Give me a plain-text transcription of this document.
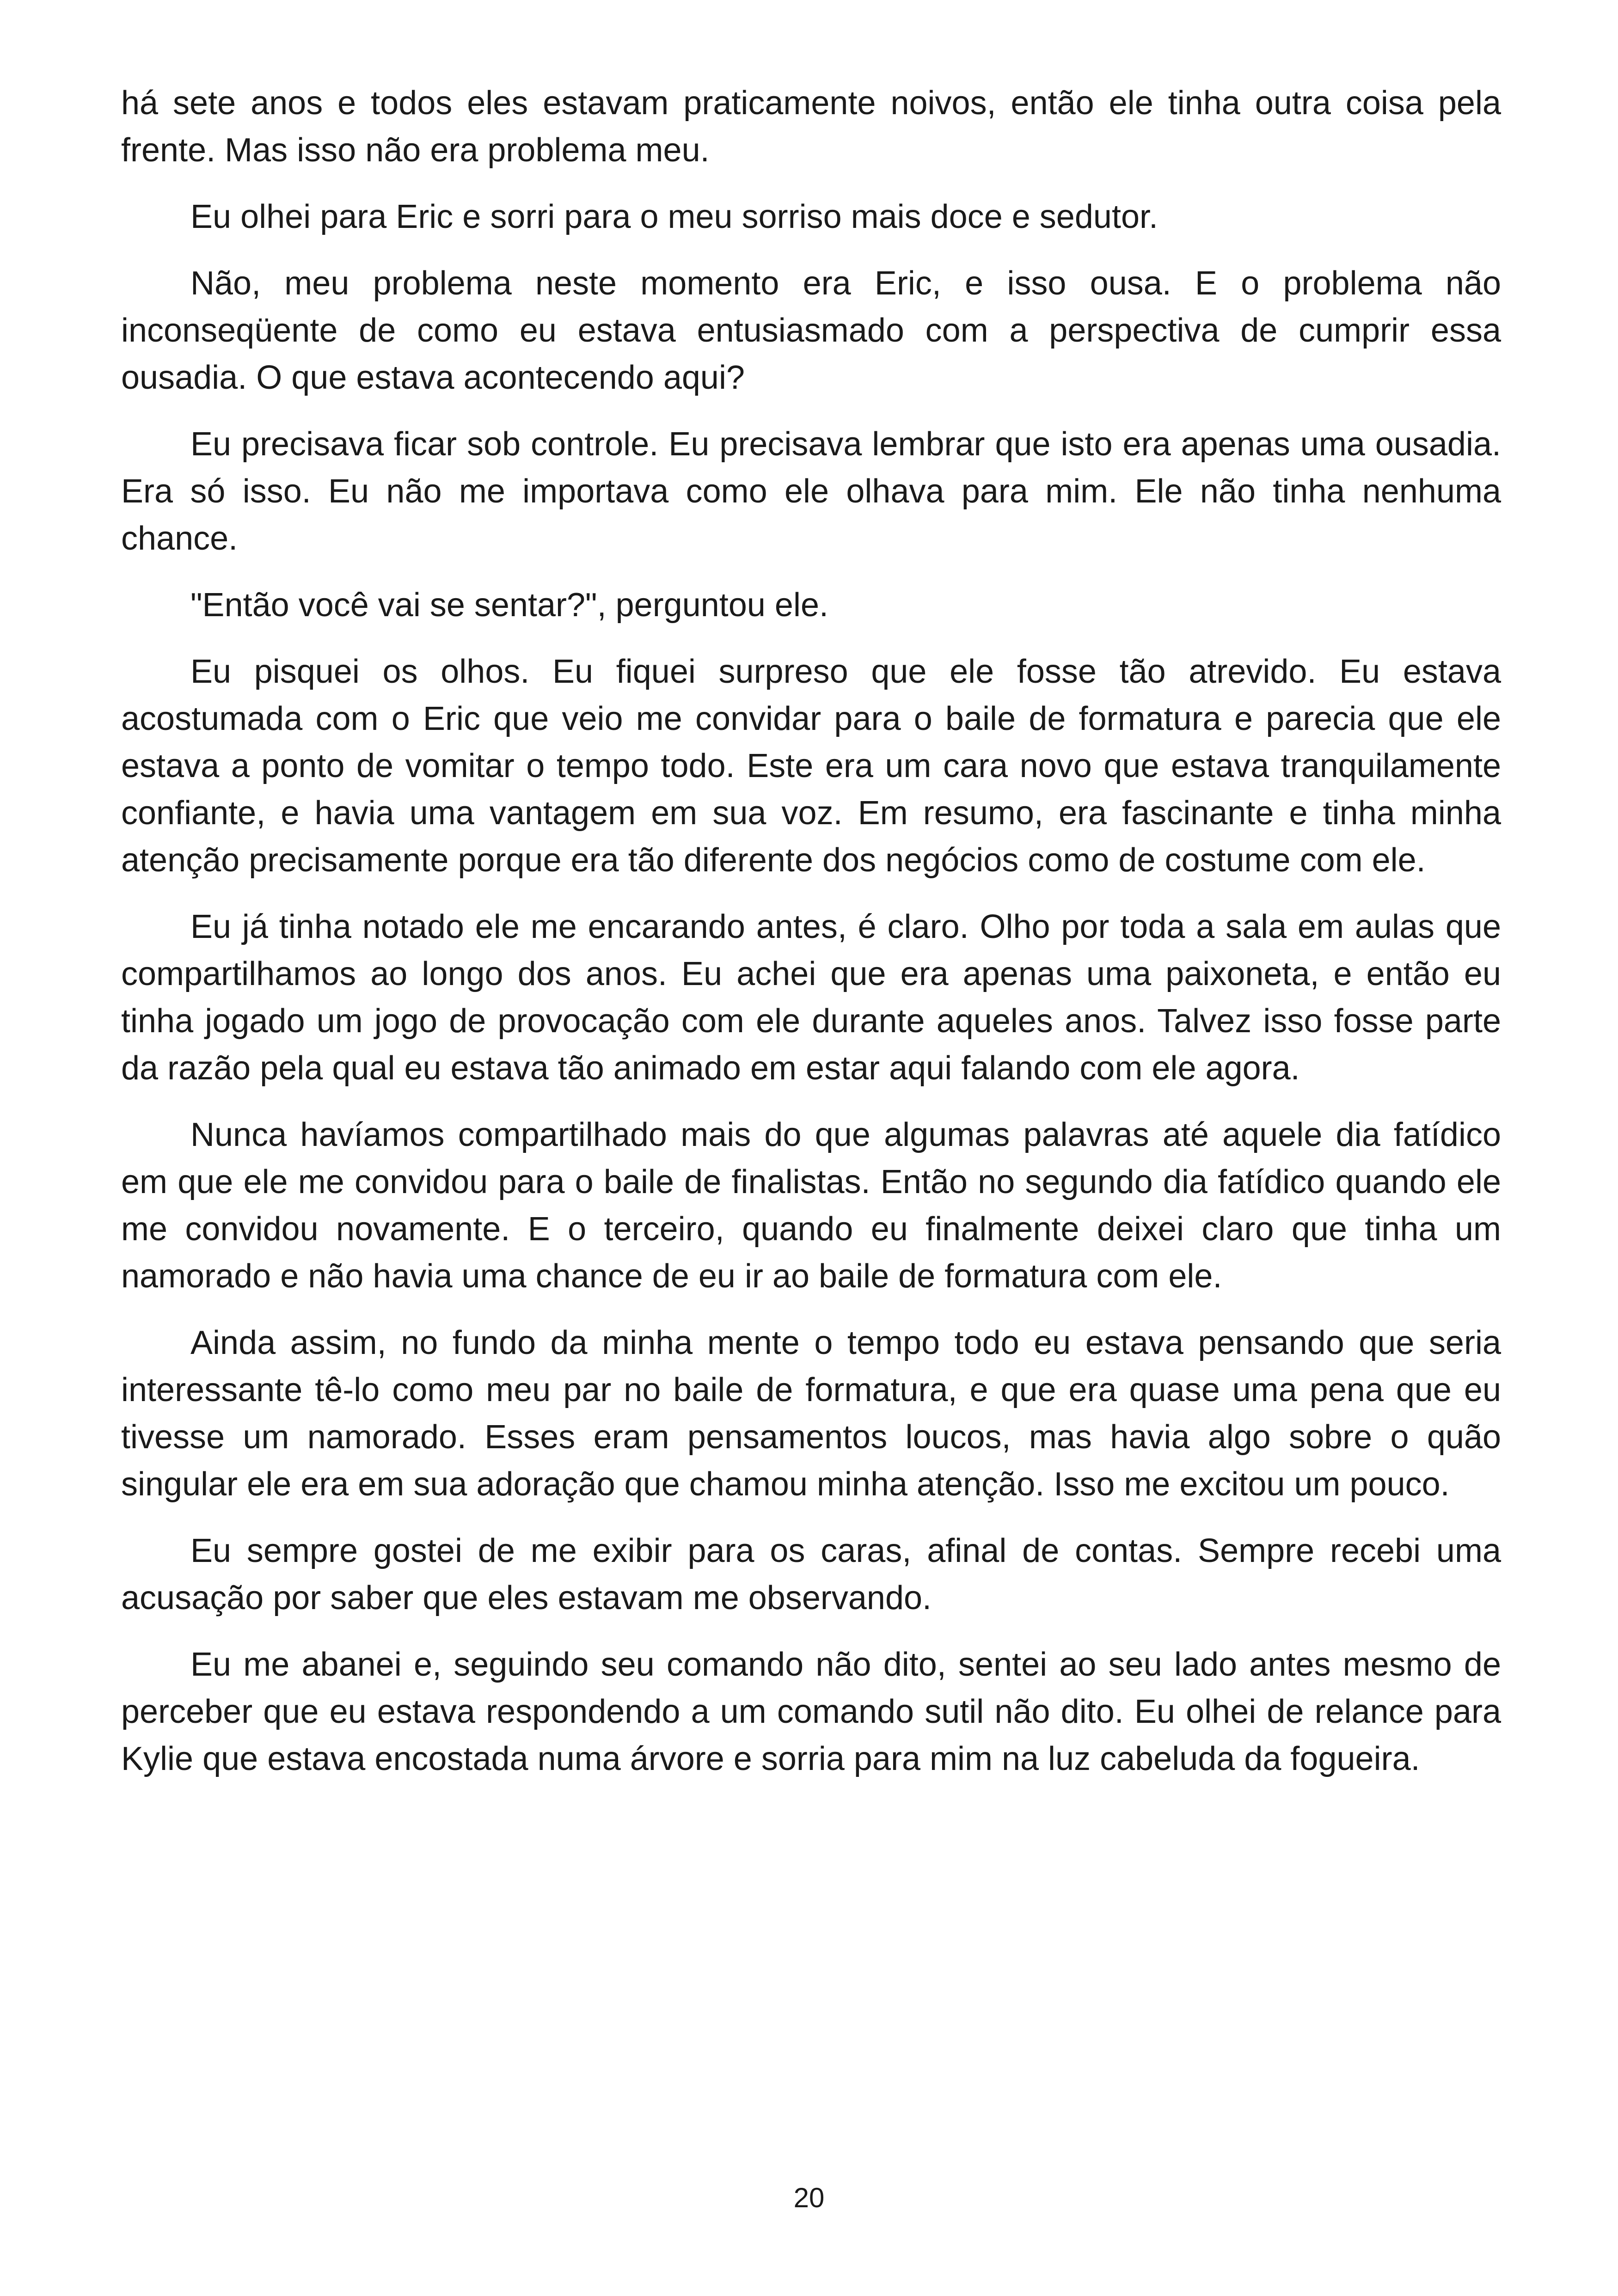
há sete anos e todos eles estavam praticamente noivos, então ele tinha outra coisa pela frente. Mas isso não era problema meu.

Eu olhei para Eric e sorri para o meu sorriso mais doce e sedutor.

Não, meu problema neste momento era Eric, e isso ousa. E o problema não inconseqüente de como eu estava entusiasmado com a perspectiva de cumprir essa ousadia. O que estava acontecendo aqui?

Eu precisava ficar sob controle. Eu precisava lembrar que isto era apenas uma ousadia. Era só isso. Eu não me importava como ele olhava para mim. Ele não tinha nenhuma chance.

"Então você vai se sentar?", perguntou ele.

Eu pisquei os olhos. Eu fiquei surpreso que ele fosse tão atrevido. Eu estava acostumada com o Eric que veio me convidar para o baile de formatura e parecia que ele estava a ponto de vomitar o tempo todo. Este era um cara novo que estava tranquilamente confiante, e havia uma vantagem em sua voz. Em resumo, era fascinante e tinha minha atenção precisamente porque era tão diferente dos negócios como de costume com ele.

Eu já tinha notado ele me encarando antes, é claro. Olho por toda a sala em aulas que compartilhamos ao longo dos anos. Eu achei que era apenas uma paixoneta, e então eu tinha jogado um jogo de provocação com ele durante aqueles anos. Talvez isso fosse parte da razão pela qual eu estava tão animado em estar aqui falando com ele agora.

Nunca havíamos compartilhado mais do que algumas palavras até aquele dia fatídico em que ele me convidou para o baile de finalistas. Então no segundo dia fatídico quando ele me convidou novamente. E o terceiro, quando eu finalmente deixei claro que tinha um namorado e não havia uma chance de eu ir ao baile de formatura com ele.

Ainda assim, no fundo da minha mente o tempo todo eu estava pensando que seria interessante tê-lo como meu par no baile de formatura, e que era quase uma pena que eu tivesse um namorado. Esses eram pensamentos loucos, mas havia algo sobre o quão singular ele era em sua adoração que chamou minha atenção. Isso me excitou um pouco.

Eu sempre gostei de me exibir para os caras, afinal de contas. Sempre recebi uma acusação por saber que eles estavam me observando.

Eu me abanei e, seguindo seu comando não dito, sentei ao seu lado antes mesmo de perceber que eu estava respondendo a um comando sutil não dito. Eu olhei de relance para Kylie que estava encostada numa árvore e sorria para mim na luz cabeluda da fogueira.

20
